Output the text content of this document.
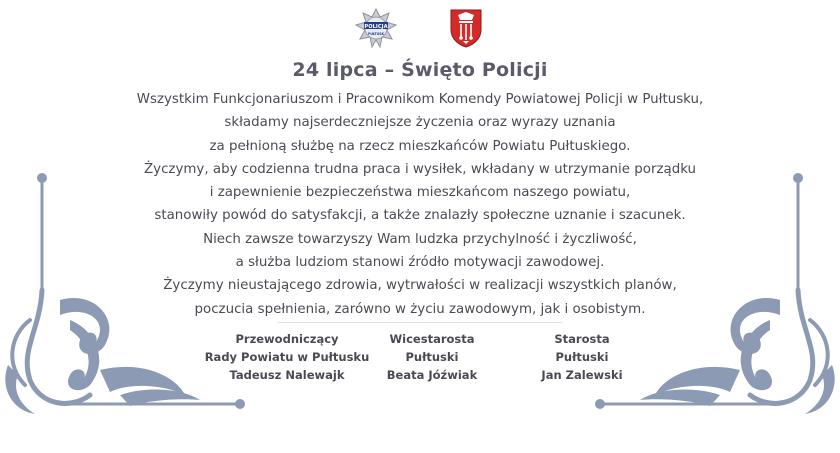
POLICJA
PUŁTUSK
24 lipca – Święto Policji
Wszystkim Funkcjonariuszom i Pracownikom Komendy Powiatowej Policji w Pułtusku,
składamy najserdeczniejsze życzenia oraz wyrazy uznania
za pełnioną służbę na rzecz mieszkańców Powiatu Pułtuskiego.
Życzymy, aby codzienna trudna praca i wysiłek, wkładany w utrzymanie porządku
i zapewnienie bezpieczeństwa mieszkańcom naszego powiatu,
stanowiły powód do satysfakcji, a także znalazły społeczne uznanie i szacunek.
Niech zawsze towarzyszy Wam ludzka przychylność i życzliwość,
a służba ludziom stanowi źródło motywacji zawodowej.
Życzymy nieustającego zdrowia, wytrwałości w realizacji wszystkich planów,
poczucia spełnienia, zarówno w życiu zawodowym, jak i osobistym.
Przewodniczący
Rady Powiatu w Pułtusku
Tadeusz Nalewajk
Wicestarosta
Pułtuski
Beata Jóźwiak
Starosta
Pułtuski
Jan Zalewski
